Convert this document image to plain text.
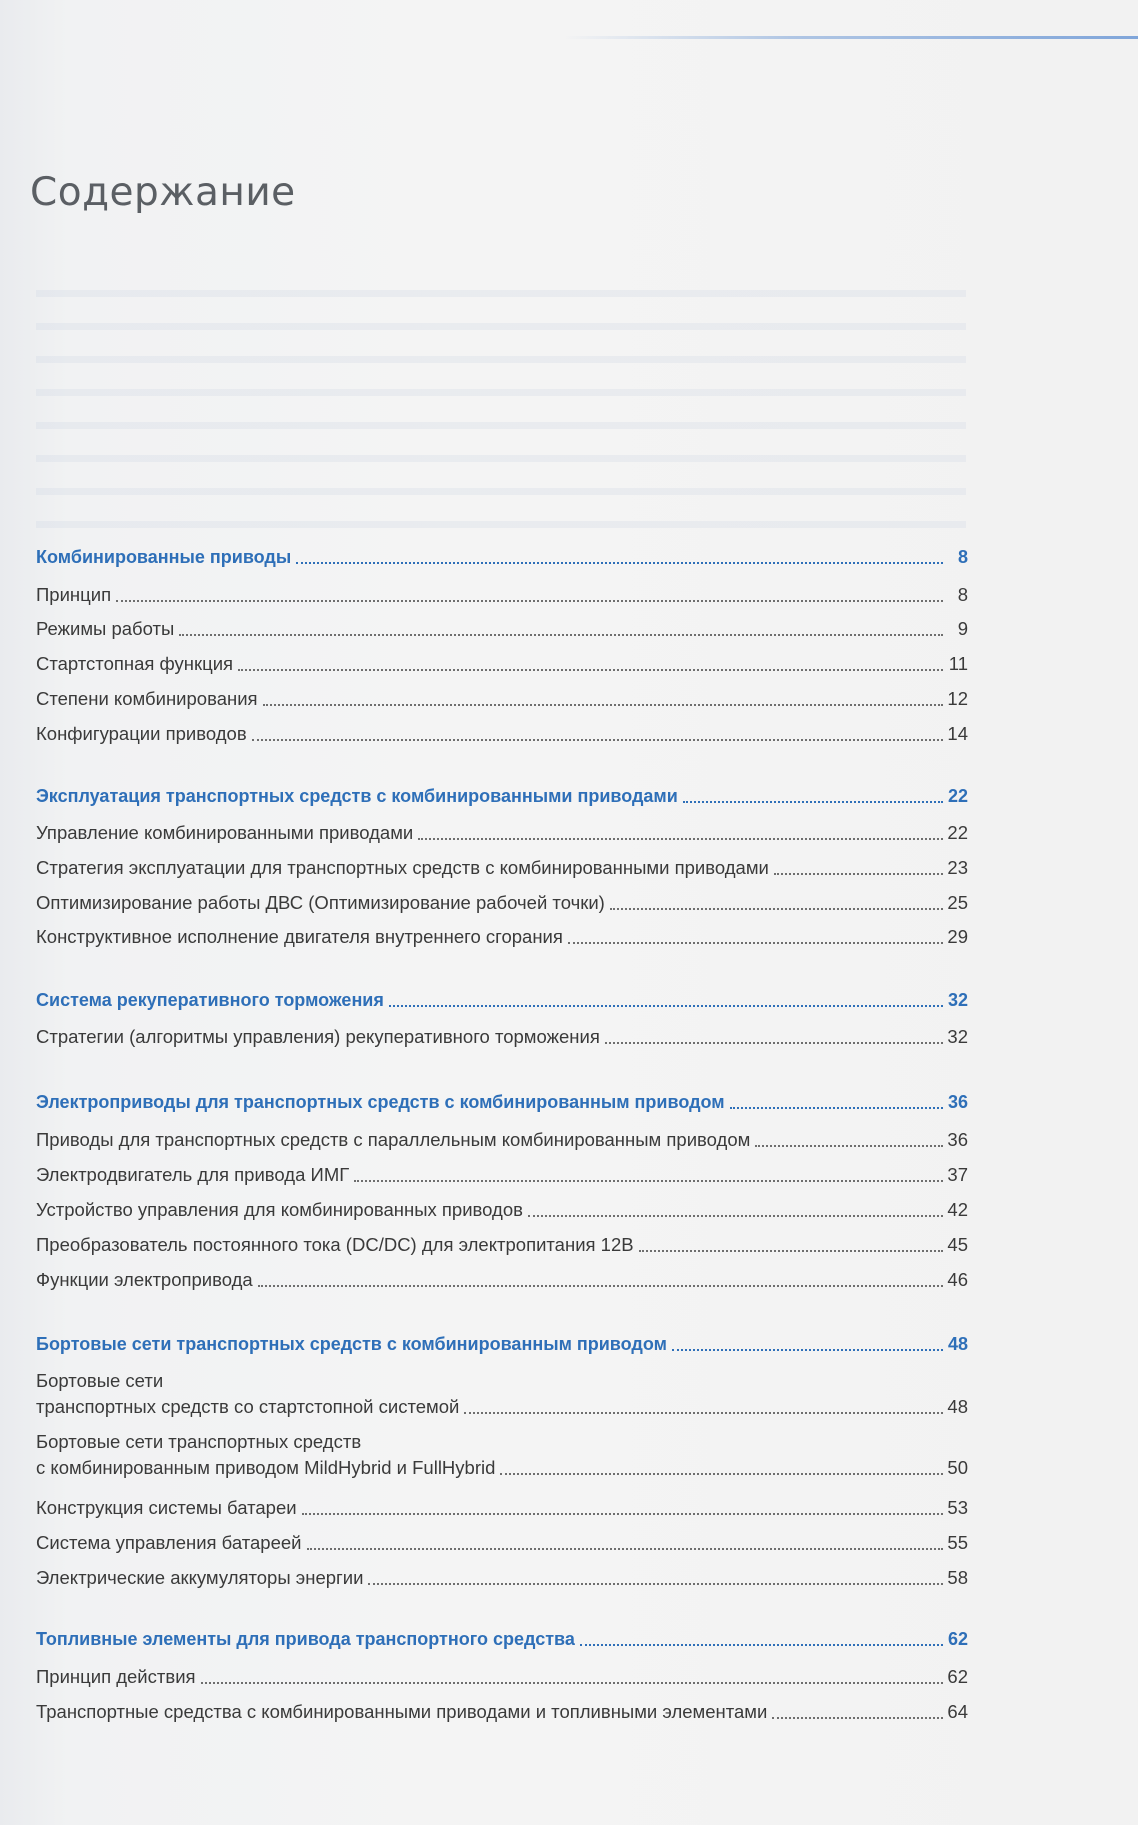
Содержание
Комбинированные приводы	8
Принцип	8
Режимы работы	9
Стартстопная функция	11
Степени комбинирования	12
Конфигурации приводов	14
Эксплуатация транспортных средств с комбинированными приводами	22
Управление комбинированными приводами	22
Стратегия эксплуатации для транспортных средств с комбинированными приводами	23
Оптимизирование работы ДВС (Оптимизирование рабочей точки)	25
Конструктивное исполнение двигателя внутреннего сгорания	29
Система рекуперативного торможения	32
Стратегии (алгоритмы управления) рекуперативного торможения	32
Электроприводы для транспортных средств с комбинированным приводом	36
Приводы для транспортных средств с параллельным комбинированным приводом	36
Электродвигатель для привода ИМГ	37
Устройство управления для комбинированных приводов	42
Преобразователь постоянного тока (DC/DC) для электропитания 12В	45
Функции электропривода	46
Бортовые сети транспортных средств с комбинированным приводом	48
Бортовые сети
транспортных средств со стартстопной системой	48
Бортовые сети транспортных средств
с комбинированным приводом MildHybrid и FullHybrid	50
Конструкция системы батареи	53
Система управления батареей	55
Электрические аккумуляторы энергии	58
Топливные элементы для привода транспортного средства	62
Принцип действия	62
Транспортные средства с комбинированными приводами и топливными элементами	64
